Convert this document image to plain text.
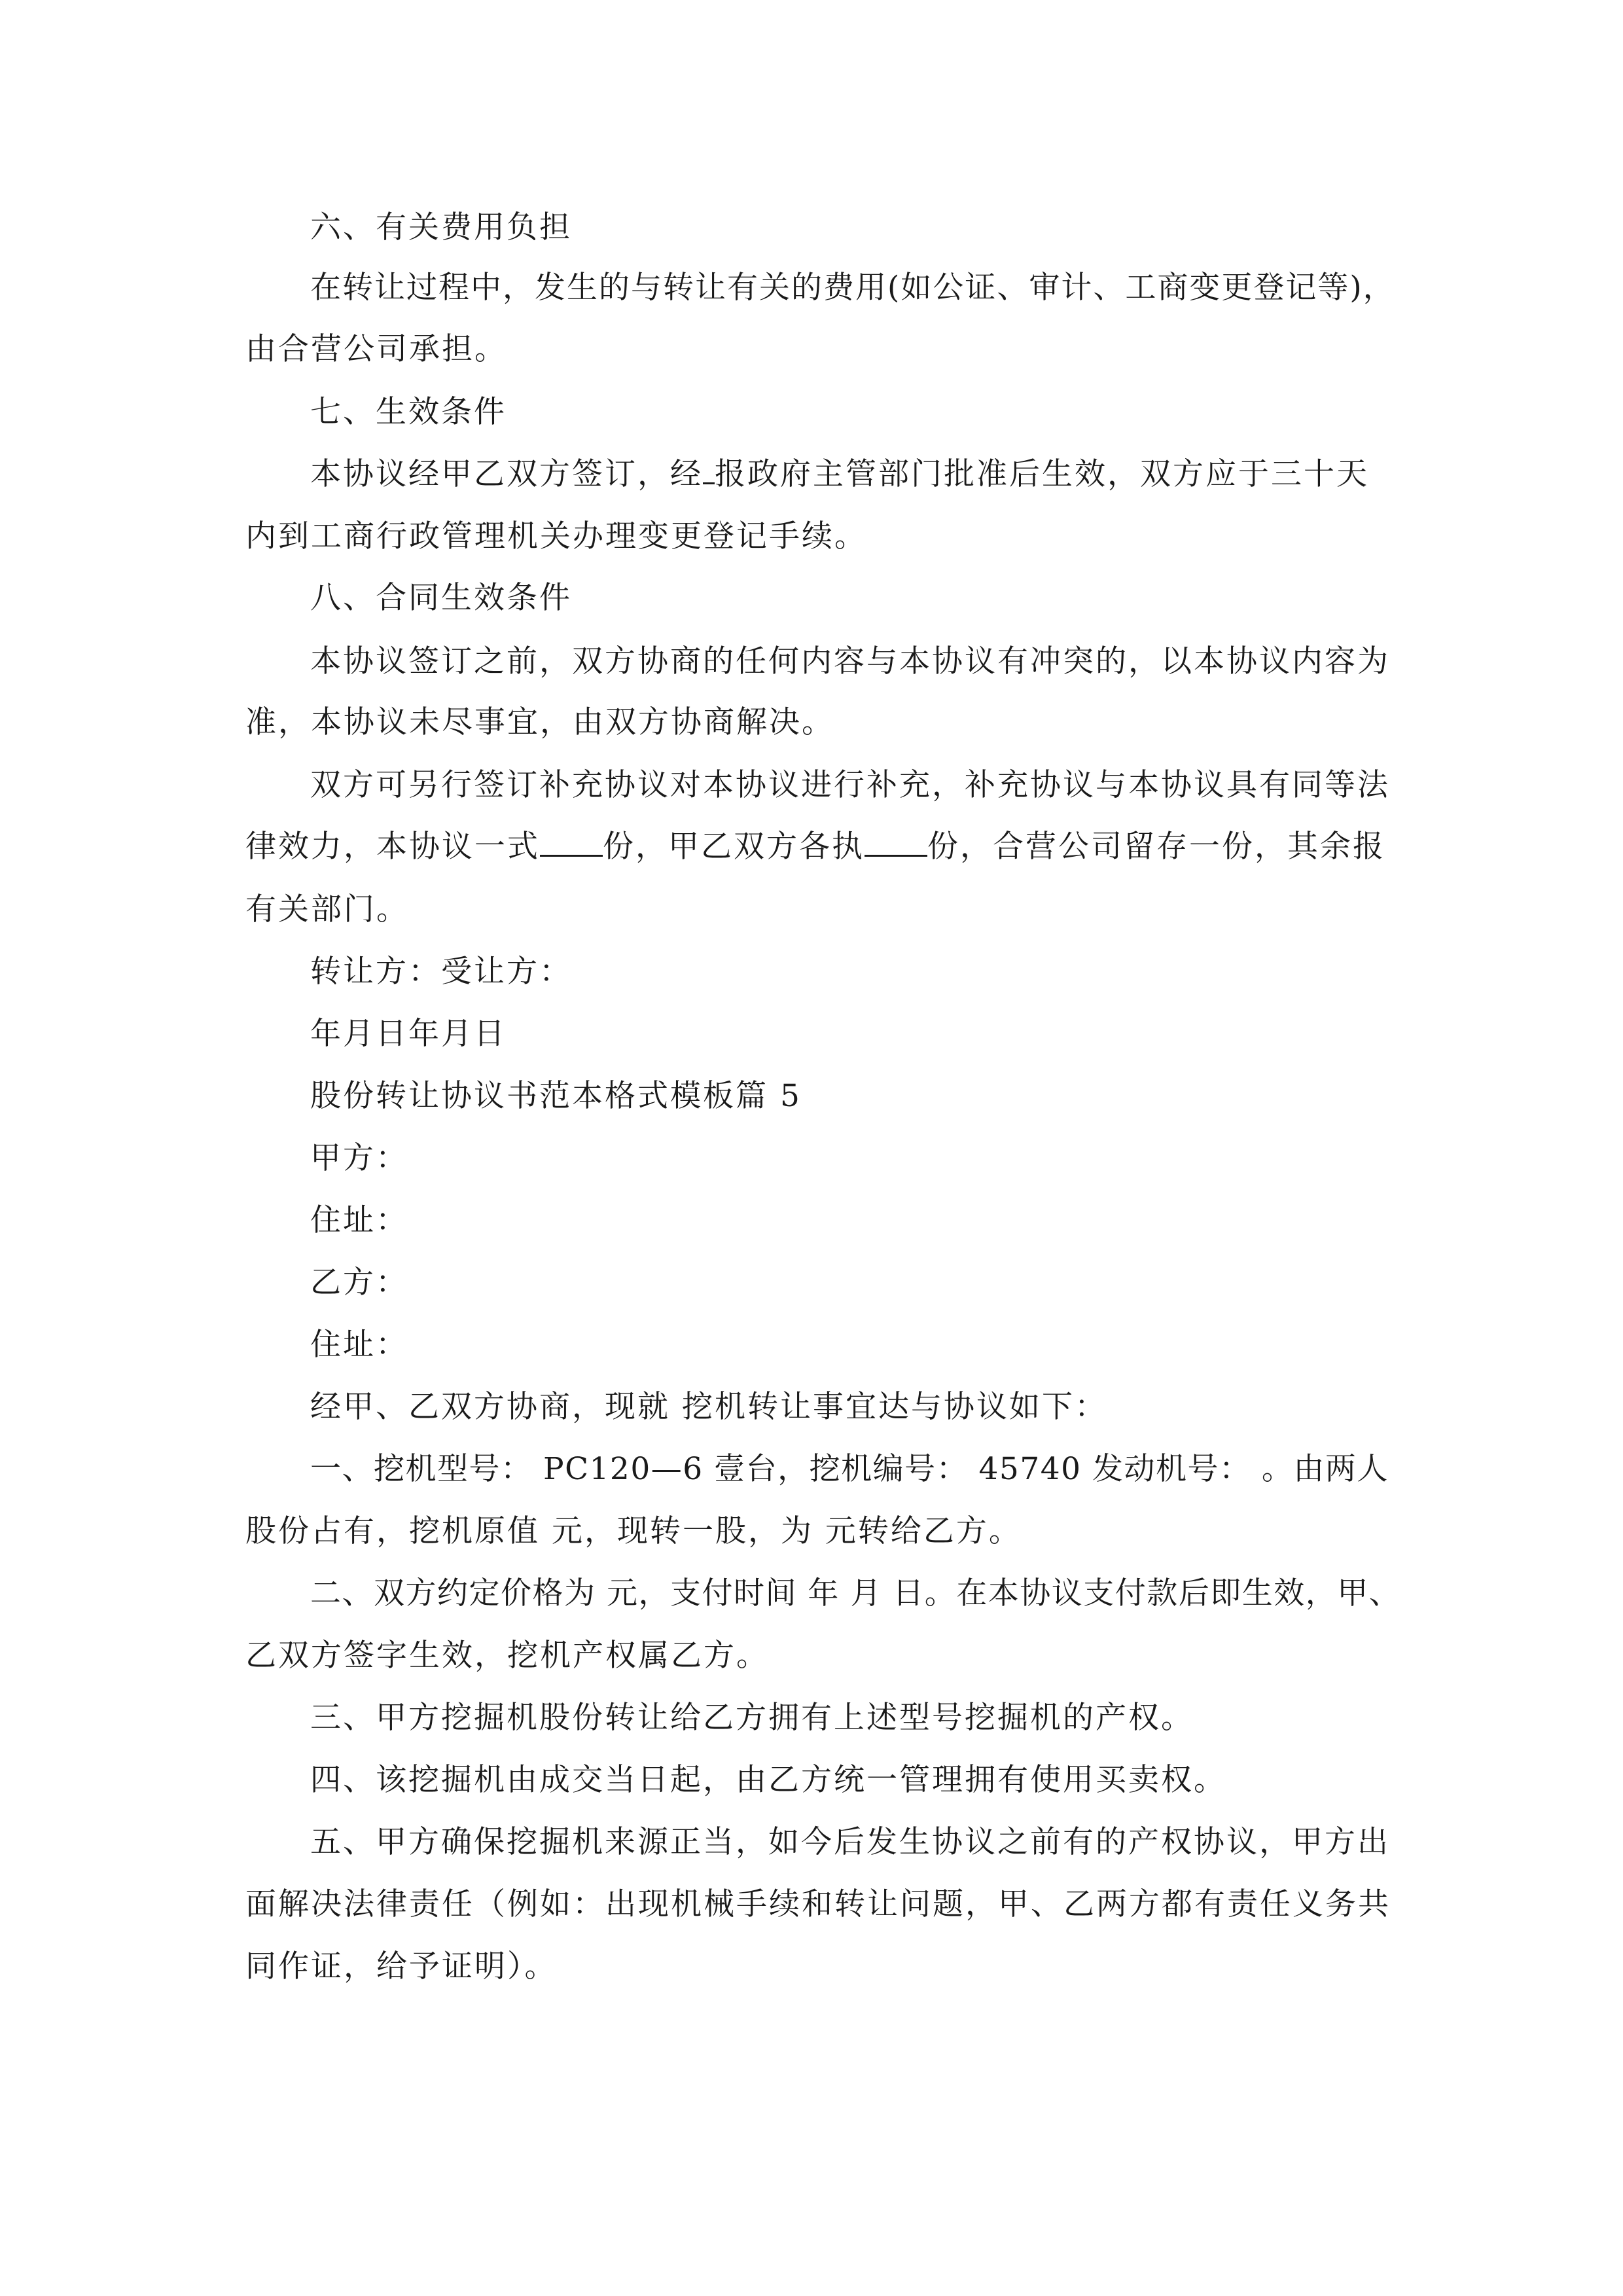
六、有关费用负担
在转让过程中，发生的与转让有关的费用(如公证、审计、工商变更登记等)，
由合营公司承担。
七、生效条件
本协议经甲乙双方签订，经 报政府主管部门批准后生效，双方应于三十天
内到工商行政管理机关办理变更登记手续。
八、合同生效条件
本协议签订之前，双方协商的任何内容与本协议有冲突的，以本协议内容为
准，本协议未尽事宜，由双方协商解决。
双方可另行签订补充协议对本协议进行补充，补充协议与本协议具有同等法
律效力，本协议一式 份，甲乙双方各执 份，合营公司留存一份，其余报
有关部门。
转让方：受让方：
年月日年月日
股份转让协议书范本格式模板篇 5
甲方：
住址：
乙方：
住址：
经甲、乙双方协商，现就 挖机转让事宜达与协议如下：
一、挖机型号： PC120—6 壹台，挖机编号： 45740 发动机号： 。由两人
股份占有，挖机原值 元，现转一股，为 元转给乙方。
二、双方约定价格为 元，支付时间 年 月 日。在本协议支付款后即生效，甲、
乙双方签字生效，挖机产权属乙方。
三、甲方挖掘机股份转让给乙方拥有上述型号挖掘机的产权。
四、该挖掘机由成交当日起，由乙方统一管理拥有使用买卖权。
五、甲方确保挖掘机来源正当，如今后发生协议之前有的产权协议，甲方出
面解决法律责任（例如：出现机械手续和转让问题，甲、乙两方都有责任义务共
同作证，给予证明）。
